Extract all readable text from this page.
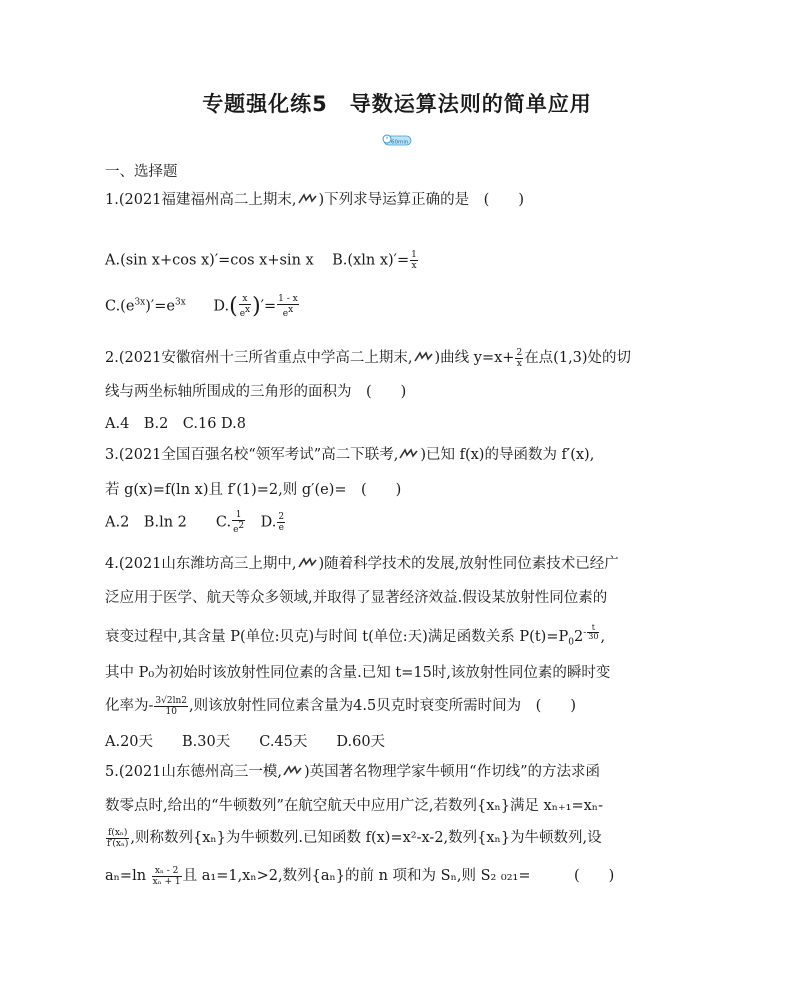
专题强化练5　导数运算法则的简单应用
60min
一、选择题
1.(2021福建福州高二上期末, )下列求导运算正确的是　(　　)
A.(sin x+cos x)′=cos x+sin x B.(xln $x)'= \frac{1}{x}$
$C.(e^{3x})'=e^{3x}$ $D.( \frac{x}{e^x}$ )′= $\frac{1 - x}{e^x}$
2.(2021安徽宿州十三所省重点中学高二上期末, )曲线 $y=x+ \frac{2}{x}$ 在点(1,3)处的切
线与两坐标轴所围成的三角形的面积为　(　　)
A.4　B.2　C.16 D.8
3.(2021全国百强名校“领军考试”高二下联考, )已知 f(x)的导函数为 f′(x),
若 g(x)=f(ln x)且 f′(1)=2,则 g′(e)=　(　　)
A.2　B.ln 2　　C. $\frac{1}{e^2}$ 　D. $\frac{2}{e}$
4.(2021山东潍坊高三上期中, )随着科学技术的发展,放射性同位素技术已经广
泛应用于医学、航天等众多领域,并取得了显著经济效益.假设某放射性同位素的
衰变过程中,其含量 P(单位:贝克)与时间 t(单位:天)满足函数关系 $P(t)=P_02^{- \frac{t}{30}}$ ,
其中 P₀为初始时该放射性同位素的含量.已知 t=15时,该放射性同位素的瞬时变
化率为- $\frac{3√2\ln 2}{10}$ ,则该放射性同位素含量为4.5贝克时衰变所需时间为　(　　)
A.20天　　B.30天　　C.45天　　D.60天
5.(2021山东德州高三一模, )英国著名物理学家牛顿用“作切线”的方法求函
数零点时,给出的“牛顿数列”在航空航天中应用广泛,若数列{xₙ}满足 xₙ₊₁=xₙ-
$\frac{\text{f(xₙ)}}{\text{f′(xₙ)}}$ ,则称数列{xₙ}为牛顿数列.已知函数 f(x)=x²-x-2,数列{xₙ}为牛顿数列,设
$a_n=\ln \frac{\text{xₙ - 2}}{\text{xₙ + 1}}$ 且 a₁=1,xₙ>2,数列{aₙ}的前 n 项和为 Sₙ,则 S₂ ₀₂₁=　　　(　　)
